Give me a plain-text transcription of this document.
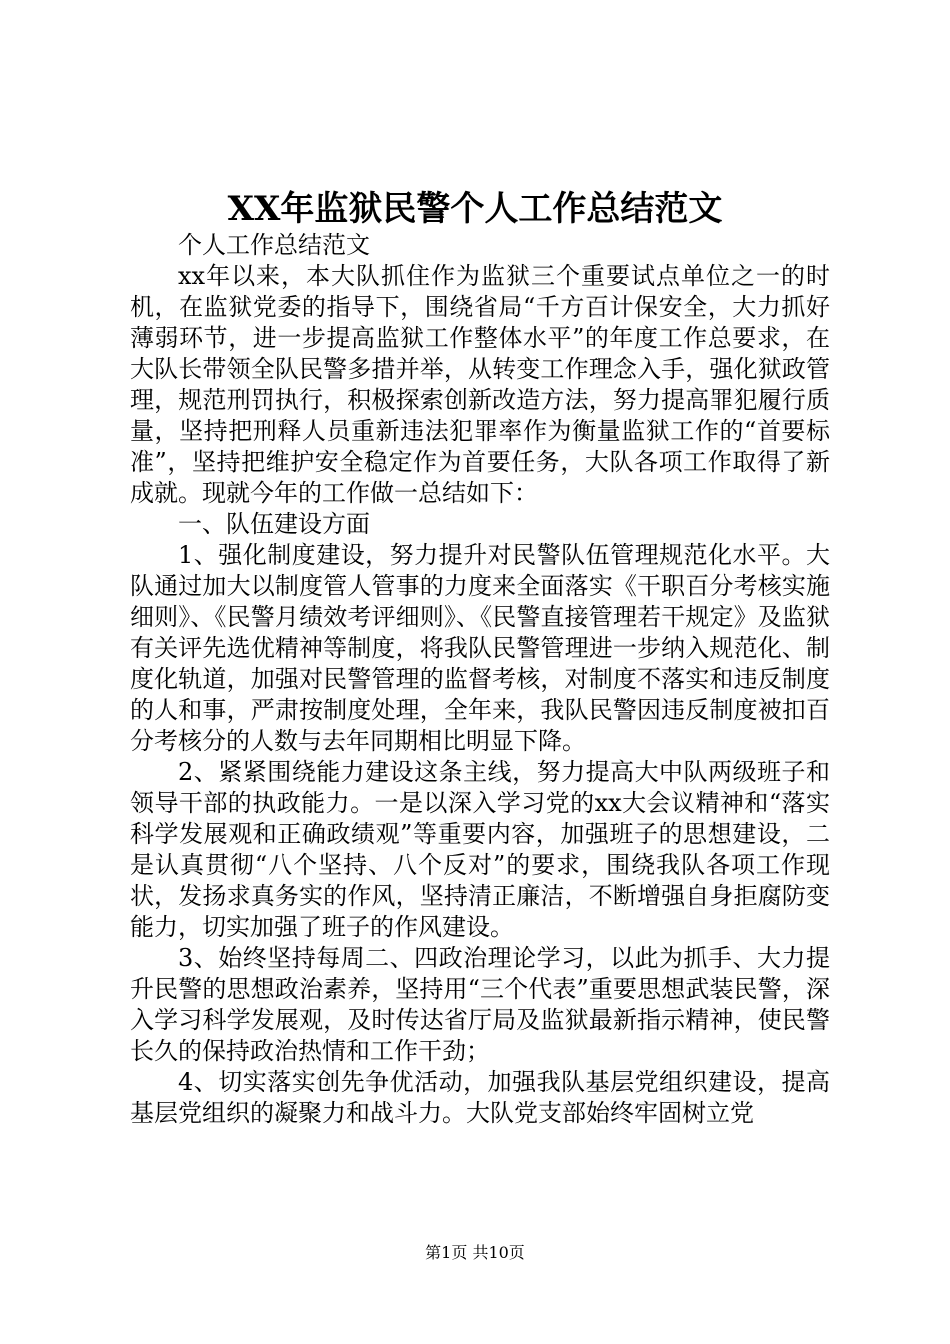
XX年监狱民警个人工作总结范文

个人工作总结范文

xx年以来，本大队抓住作为监狱三个重要试点单位之一的时机，在监狱党委的指导下，围绕省局“千方百计保安全，大力抓好薄弱环节，进一步提高监狱工作整体水平”的年度工作总要求，在大队长带领全队民警多措并举，从转变工作理念入手，强化狱政管理，规范刑罚执行，积极探索创新改造方法，努力提高罪犯履行质量，坚持把刑释人员重新违法犯罪率作为衡量监狱工作的“首要标准”，坚持把维护安全稳定作为首要任务，大队各项工作取得了新成就。现就今年的工作做一总结如下：

一、队伍建设方面

1、强化制度建设，努力提升对民警队伍管理规范化水平。大队通过加大以制度管人管事的力度来全面落实《干职百分考核实施细则》、《民警月绩效考评细则》、《民警直接管理若干规定》及监狱有关评先选优精神等制度，将我队民警管理进一步纳入规范化、制度化轨道，加强对民警管理的监督考核，对制度不落实和违反制度的人和事，严肃按制度处理，全年来，我队民警因违反制度被扣百分考核分的人数与去年同期相比明显下降。

2、紧紧围绕能力建设这条主线，努力提高大中队两级班子和领导干部的执政能力。一是以深入学习党的xx大会议精神和“落实科学发展观和正确政绩观”等重要内容，加强班子的思想建设，二是认真贯彻“八个坚持、八个反对”的要求，围绕我队各项工作现状，发扬求真务实的作风，坚持清正廉洁，不断增强自身拒腐防变能力，切实加强了班子的作风建设。

3、始终坚持每周二、四政治理论学习，以此为抓手、大力提升民警的思想政治素养，坚持用“三个代表”重要思想武装民警，深入学习科学发展观，及时传达省厅局及监狱最新指示精神，使民警长久的保持政治热情和工作干劲；

4、切实落实创先争优活动，加强我队基层党组织建设，提高基层党组织的凝聚力和战斗力。大队党支部始终牢固树立党

第1页 共10页
